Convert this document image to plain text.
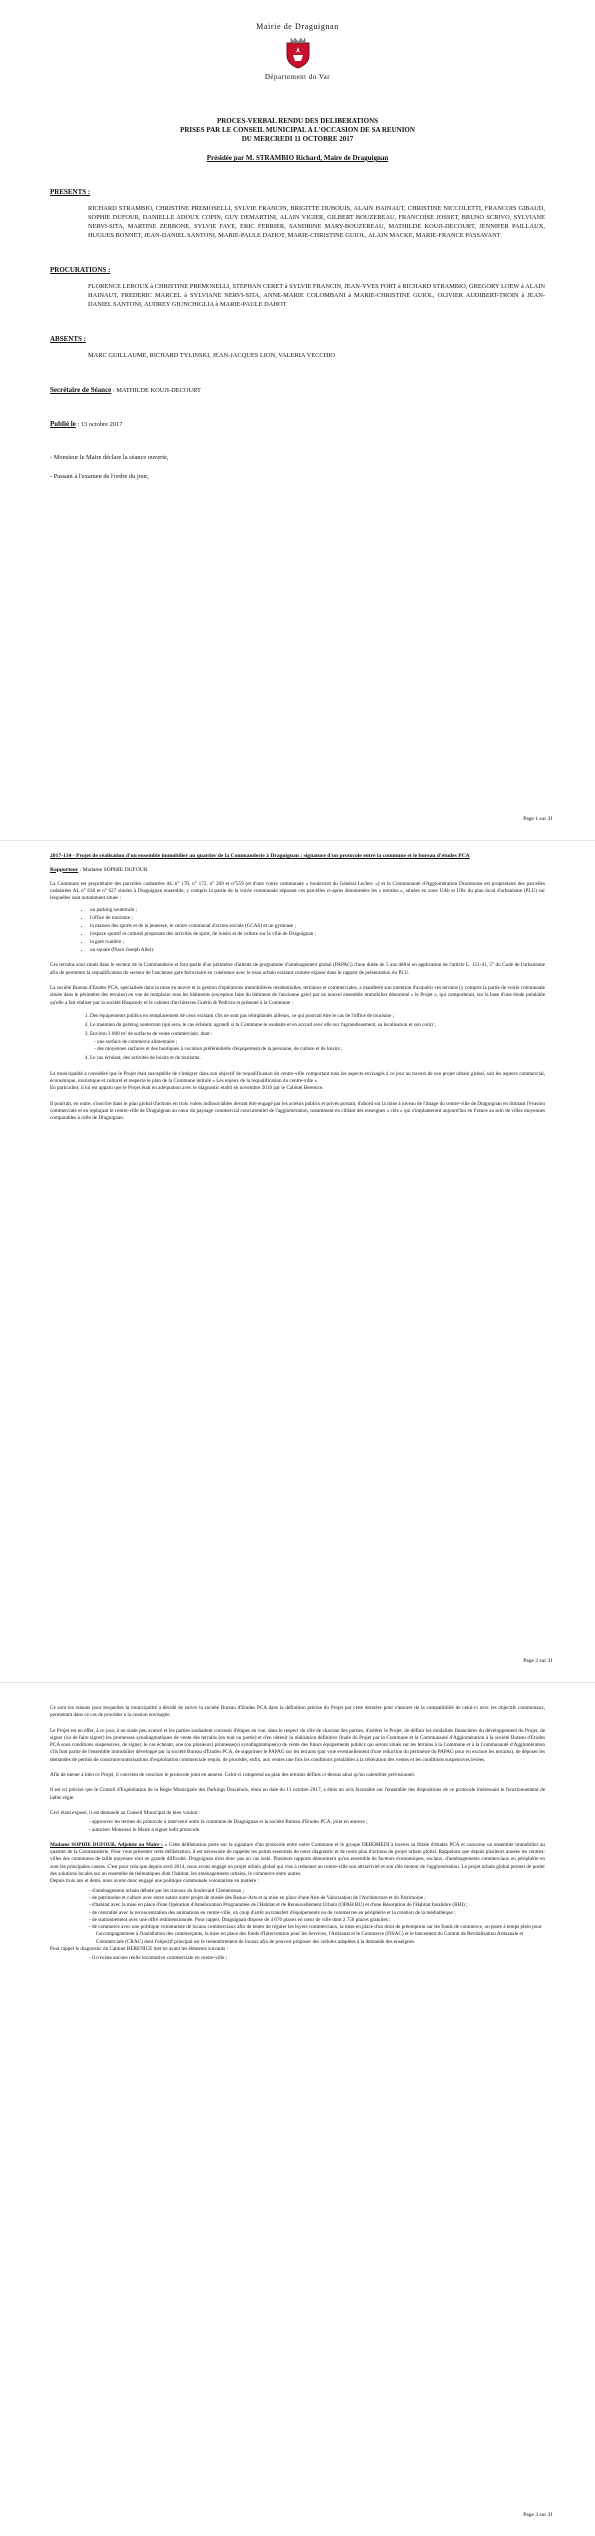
Mairie de Draguignan
Département du Var
PROCES-VERBAL RENDU DES DELIBERATIONS
PRISES PAR LE CONSEIL MUNICIPAL A L'OCCASION DE SA REUNION
DU MERCREDI 11 OCTOBRE 2017
Présidée par M. STRAMBIO Richard, Maire de Draguignan
PRESENTS :
RICHARD STRAMBIO, CHRISTINE PREMOSELLI, SYLVIE FRANCIN, BRIGITTE DUBOUIS, ALAIN HAINAUT, CHRISTINE NICCOLETTI, FRANCOIS GIBAUD, SOPHIE DUFOUR, DANIELLE ADOUX COPIN, GUY DEMARTINI, ALAIN VIGIER, GILBERT BOUZEREAU, FRANCOISE JOSSET, BRUNO SCRIVO, SYLVIANE NERVI-SITA, MARTINE ZERBONE, SYLVIE FAYE, ERIC FERRIER, SANDRINE MARY-BOUZEREAU, MATHILDE KOUJI-DECOURT, JENNIFER PAILLAUX, HUGUES BONNET, JEAN-DANIEL SANTONI, MARIE-PAULE DAHOT, MARIE-CHRISTINE GUIOL, ALAIN MACKE, MARIE-FRANCE PASSAVANT
PROCURATIONS :
FLORENCE LEROUX à CHRISTINE PREMOSELLI, STEPHAN CERET à SYLVIE FRANCIN, JEAN-YVES FORT à RICHARD STRAMBIO, GREGORY LOEW à ALAIN HAINAUT, FREDERIC MARCEL à SYLVIANE NERVI-SITA, ANNE-MARIE COLOMBANI à MARIE-CHRISTINE GUIOL, OLIVIER AUDIBERT-TROIN à JEAN-DANIEL SANTONI, AUDREY GIUNCHIGLIA à MARIE-PAULE DAHOT
ABSENTS :
MARC GUILLAUME, RICHARD TYLINSKI, JEAN-JACQUES LION, VALERIA VECCHIO
Secrétaire de Séance : MATHILDE KOUJI-DECOURT
Publié le : 13 octobre 2017
- Monsieur le Maire déclare la séance ouverte,
- Passant à l'examen de l'ordre du jour,
Page 1 sur 31
2017-134 - Projet de réalisation d'un ensemble immobilier au quartier de la Commanderie à Draguignan : signature d'un protocole entre la commune et le bureau d'études PCA
Rapporteur : Madame SOPHIE DUFOUR
La Commune est propriétaire des parcelles cadastrées AL n° 170, n° 172, n° 269 et n°559 (et d'une voirie communale « boulevard du Général Leclerc ») et la Communauté d'Agglomération Dracénoise est propriétaire des parcelles cadastrées AL n° 636 et n° 627 situées à Draguignan ensemble, y compris la partie de la voirie communale séparant ces parcelles ci-après dénommées les « terrains », situées en zone UAb et UBc du plan local d'urbanisme (PLU) sur lesquelles sont notamment situés :
• un parking souterrain ;
• l'office de tourisme ;
• la maison des sports et de la jeunesse, le centre communal d'action sociale (CCAS) et un gymnase ;
• l'espace sportif et culturel proposant des activités de sport, de loisirs et de culture sur la ville de Draguignan ;
• la gare routière ;
• un square (Place Joseph Allet).
Ces terrains sont situés dans le secteur de la Commanderie et font partie d'un périmètre d'attente de programme d'aménagement global (PAPAG) d'une durée de 5 ans défini en application de l'article L. 151-41, 5° du Code de l'urbanisme afin de permettre la requalification du secteur de l'ancienne gare ferroviaire en cohérence avec le tissu urbain existant comme exposé dans le rapport de présentation du PLU.
La société Bureau d'Etudes PCA, spécialisée dans la mise en œuvre et la gestion d'opérations immobilières résidentielles, tertiaires et commerciales, a manifesté son intention d'acquérir ces terrains (y compris la partie de voirie communale située dans le périmètre des terrains) en vue de remplacer tous les bâtiments (exception faite du bâtiment de l'ancienne gare) par un nouvel ensemble immobilier dénommé « le Projet », qui comporterait, sur la base d'une étude préalable qu'elle a fait réaliser par la société Rhapsody et le cabinet d'architectes Guérin & Pedroza et présenté à la Commune :
1. Des équipements publics en remplacement de ceux existant s'ils ne sont pas réimplantés ailleurs, ce qui pourrait être le cas de l'office de tourisme ;
2. Le maintien du parking souterrain (qui sera, le cas échéant, agrandi si la Commune le souhaite et en accord avec elle sur l'agrandissement, sa localisation et son coût) ;
3. Environ 3 000 m² de surfaces de vente commerciale, dont :
- une surface de commerce alimentaire ;
- des moyennes surfaces et des boutiques à vocation préférentielle d'équipement de la personne, de culture et de loisirs ;
4. Le cas échéant, des activités de loisirs et de tourisme.
La municipalité a considéré que le Projet était susceptible de s'intégrer dans son objectif de requalification du centre-ville comportant tous les aspects envisagés à ce jour au travers de son projet urbain global, soit les aspects commercial, économique, touristique et culturel et respecte le plan de la Commune intitulé « Les enjeux de la requalification du centre-ville ».
En particulier, il lui est apparu que le Projet était en adéquation avec le diagnostic établi en novembre 2016 par le Cabinet Berenice.
Il pourrait, en outre, s'inscrire dans le plan global d'actions en trois volets indissociables devant être engagé par les acteurs publics et privés portant, d'abord sur la mise à niveau de l'image du centre-ville de Draguignan en limitant l'évasion commerciale et en replaçant le centre-ville de Draguignan au cœur du paysage commercial concurrentiel de l'agglomération, notamment en ciblant des enseignes « clés » qui s'implanteront aujourd'hui en France au sein de villes moyennes comparables à celle de Draguignan.
Page 2 sur 31
Ce sont les raisons pour lesquelles la municipalité a décidé de suivre la société Bureau d'Etudes PCA dans la définition précise du Projet par cette dernière pour s'assurer de la compatibilité de celui-ci avec les objectifs communaux, permettant dans ce cas de procéder à la cession envisagée.
Le Projet est en effet, à ce jour, à un stade peu avancé et les parties souhaitent convenir d'étapes en vue, dans le respect du rôle de chacune des parties, d'arrêter le Projet, de définir les modalités financières du développement du Projet, de signer (ou de faire signer) les promesses synallagmatiques de vente des terrains (en tout ou partie) et d'en obtenir la réalisation définitive finale du Projet par la Commune et la Communauté d'Agglomération à la société Bureau d'Etudes PCA sous conditions suspensives, de signer, le cas échéant, une (ou plusieurs) promesse(s) synallagmatique(s) de vente des futurs équipements publics qui seront situés sur les terrains à la Commune et à la Communauté d'Agglomération s'ils font partie de l'ensemble immobilier développé par la société Bureau d'Etudes PCA, de supprimer le PAPAG sur les terrains (par voie éventuellement d'une réduction du périmètre du PAPAG pour en exclure les terrains), de déposer les demandes de permis de construire/autorisations d'exploitation commerciale requis, de procéder, enfin, aux ventes une fois les conditions préalables à la réitération des ventes et les conditions suspensives levées.
Afin de mener à bien ce Projet, il convient de conclure le protocole joint en annexe. Celui-ci comprend un plan des terrains définis ci-dessus ainsi qu'un calendrier prévisionnel.
Il est ici précisé que le Conseil d'Exploitation de la Régie Municipale des Parkings Dracénois, réuni en date du 11 octobre 2017, a émis un avis favorable sur l'ensemble des dispositions de ce protocole intéressant le fonctionnement de ladite régie.
Ceci étant exposé, il est demandé au Conseil Municipal de bien vouloir :
- approuver les termes du protocole à intervenir entre la commune de Draguignan et la société Bureau d'Etudes PCA, joint en annexe ;
- autoriser Monsieur le Maire à signer ledit protocole.
Madame SOPHIE DUFOUR, Adjointe au Maire : « Cette délibération porte sur la signature d'un protocole entre notre Commune et le groupe DEROMEDI à travers sa filiale d'études PCA et concerne un ensemble immobilier au quartier de la Commanderie. Pour vous présenter cette délibération, il est nécessaire de rappeler les points essentiels de notre diagnostic et de notre plan d'actions du projet urbain global. Rappelons que depuis plusieurs années les centres-villes des communes de taille moyenne sont en grande difficulté. Draguignan n'est donc pas un cas isolé. Plusieurs rapports démontrent qu'un ensemble de facteurs économiques, sociaux, d'aménagements commerciaux en périphérie en sont les principales causes. C'est pour cela que depuis avril 2014, nous avons engagé un projet urbain global qui vise à redonner au centre-ville son attractivité et son rôle moteur de l'agglomération. Le projet urbain global permet de porter des solutions locales sur un ensemble de thématiques dont l'habitat, les aménagements urbains, le commerce entre autres.
Depuis trois ans et demi, nous avons donc engagé une politique communale volontariste en matière :
- d'aménagement urbain débuté par les travaux du boulevard Clemenceau ;
- de patrimoine et culture avec entre autres notre projet de musée des Beaux-Arts et la mise en place d'une Aire de Valorisation de l'Architecture et du Patrimoine ;
- d'habitat avec la mise en place d'une Opération d'Amélioration Programmée de l'Habitat et de Renouvellement Urbain (OPAH RU) et d'une Résorption de l'Habitat Insalubre (RHI) ;
- de centralité avec la reconcentration des animations en centre-ville, un coup d'arrêt au transfert d'équipements ou de commerces en périphérie et la création de la médiathèque ;
- de stationnement avec une offre redimensionnée. Pour rappel, Draguignan dispose de 4 676 places en cœur de ville dont 2 756 places gratuites ;
- de commerce avec une politique volontariste de locaux commerciaux afin de tenter de réguler les loyers commerciaux, la mise en place d'un droit de préemption sur les fonds de commerce, un poste à temps plein pour l'accompagnement à l'installation des commerçants, la mise en place des fonds d'Intervention pour les Services, l'Artisanat et le Commerce (FISAC) et le lancement du Contrat de Revitalisation Artisanale et Commerciale (CRAC) dont l'objectif principal est le remembrement de locaux afin de pouvoir proposer des cellules adaptées à la demande des enseignes.
Pour rappel le diagnostic du Cabinet BERENICE met en avant les éléments suivants :
- il n'existe aucune réelle locomotive commerciale en centre-ville ;
Page 3 sur 31
